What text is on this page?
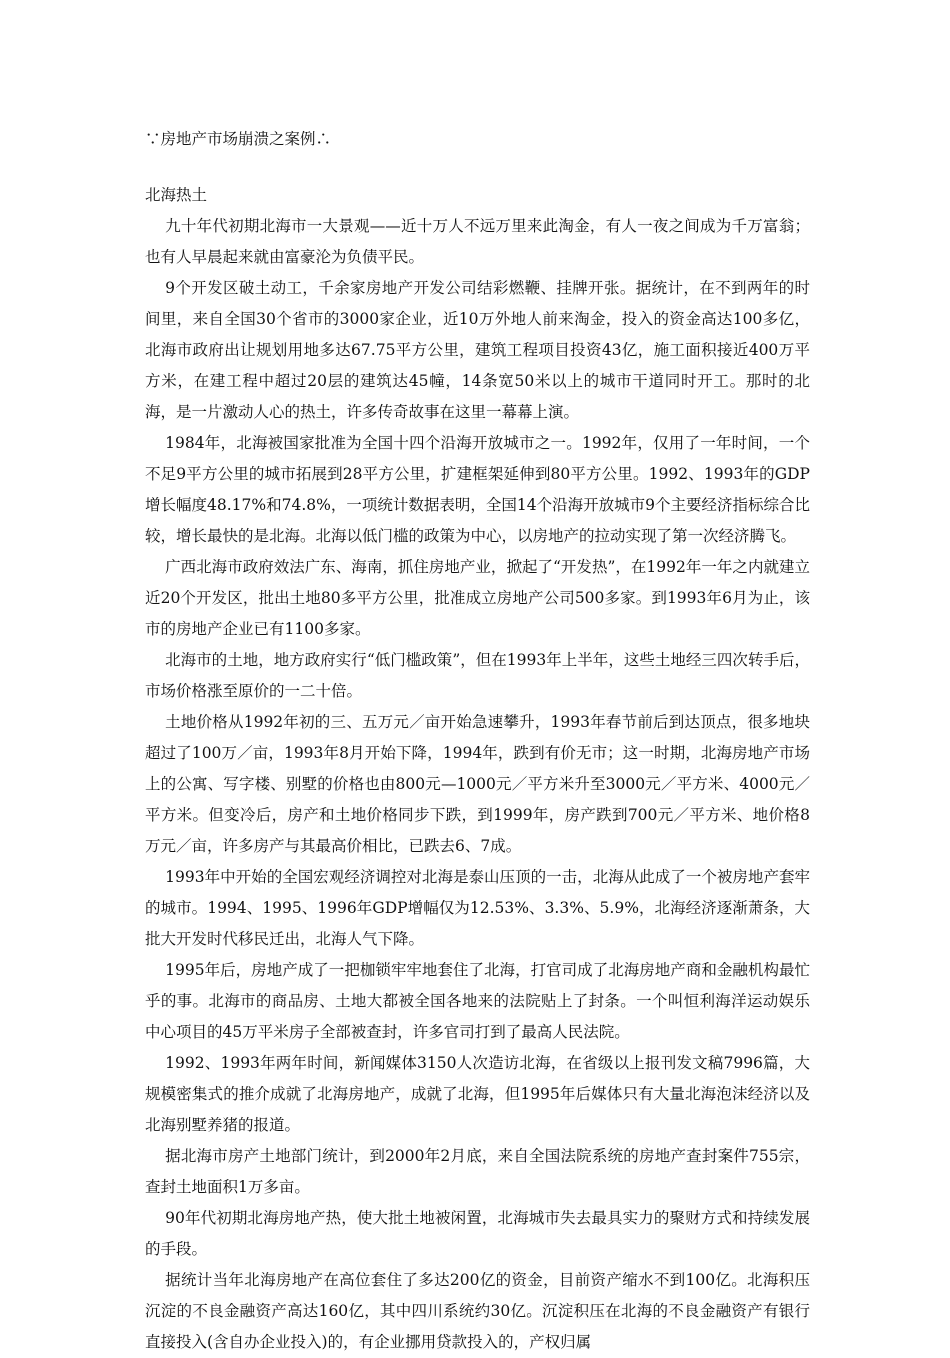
∵房地产市场崩溃之案例∴

北海热土

九十年代初期北海市一大景观——近十万人不远万里来此淘金，有人一夜之间成为千万富翁；也有人早晨起来就由富豪沦为负债平民。

9个开发区破土动工，千余家房地产开发公司结彩燃鞭、挂牌开张。据统计，在不到两年的时间里，来自全国30个省市的3000家企业，近10万外地人前来淘金，投入的资金高达100多亿，北海市政府出让规划用地多达67.75平方公里，建筑工程项目投资43亿，施工面积接近400万平方米，在建工程中超过20层的建筑达45幢，14条宽50米以上的城市干道同时开工。那时的北海，是一片激动人心的热土，许多传奇故事在这里一幕幕上演。

1984年，北海被国家批准为全国十四个沿海开放城市之一。1992年，仅用了一年时间，一个不足9平方公里的城市拓展到28平方公里，扩建框架延伸到80平方公里。1992、1993年的GDP增长幅度48.17%和74.8%，一项统计数据表明，全国14个沿海开放城市9个主要经济指标综合比较，增长最快的是北海。北海以低门槛的政策为中心，以房地产的拉动实现了第一次经济腾飞。

广西北海市政府效法广东、海南，抓住房地产业，掀起了“开发热”，在1992年一年之内就建立近20个开发区，批出土地80多平方公里，批准成立房地产公司500多家。到1993年6月为止，该市的房地产企业已有1100多家。

北海市的土地，地方政府实行“低门槛政策”，但在1993年上半年，这些土地经三四次转手后，市场价格涨至原价的一二十倍。

土地价格从1992年初的三、五万元／亩开始急速攀升，1993年春节前后到达顶点，很多地块超过了100万／亩，1993年8月开始下降，1994年，跌到有价无市；这一时期，北海房地产市场上的公寓、写字楼、别墅的价格也由800元—1000元／平方米升至3000元／平方米、4000元／平方米。但变冷后，房产和土地价格同步下跌，到1999年，房产跌到700元／平方米、地价格8万元／亩，许多房产与其最高价相比，已跌去6、7成。

1993年中开始的全国宏观经济调控对北海是泰山压顶的一击，北海从此成了一个被房地产套牢的城市。1994、1995、1996年GDP增幅仅为12.53%、3.3%、5.9%，北海经济逐渐萧条，大批大开发时代移民迁出，北海人气下降。

1995年后，房地产成了一把枷锁牢牢地套住了北海，打官司成了北海房地产商和金融机构最忙乎的事。北海市的商品房、土地大都被全国各地来的法院贴上了封条。一个叫恒利海洋运动娱乐中心项目的45万平米房子全部被查封，许多官司打到了最高人民法院。

1992、1993年两年时间，新闻媒体3150人次造访北海，在省级以上报刊发文稿7996篇，大规模密集式的推介成就了北海房地产，成就了北海，但1995年后媒体只有大量北海泡沫经济以及北海别墅养猪的报道。

据北海市房产土地部门统计，到2000年2月底，来自全国法院系统的房地产查封案件755宗，查封土地面积1万多亩。

90年代初期北海房地产热，使大批土地被闲置，北海城市失去最具实力的聚财方式和持续发展的手段。

据统计当年北海房地产在高位套住了多达200亿的资金，目前资产缩水不到100亿。北海积压沉淀的不良金融资产高达160亿，其中四川系统约30亿。沉淀积压在北海的不良金融资产有银行直接投入(含自办企业投入)的，有企业挪用贷款投入的，产权归属
